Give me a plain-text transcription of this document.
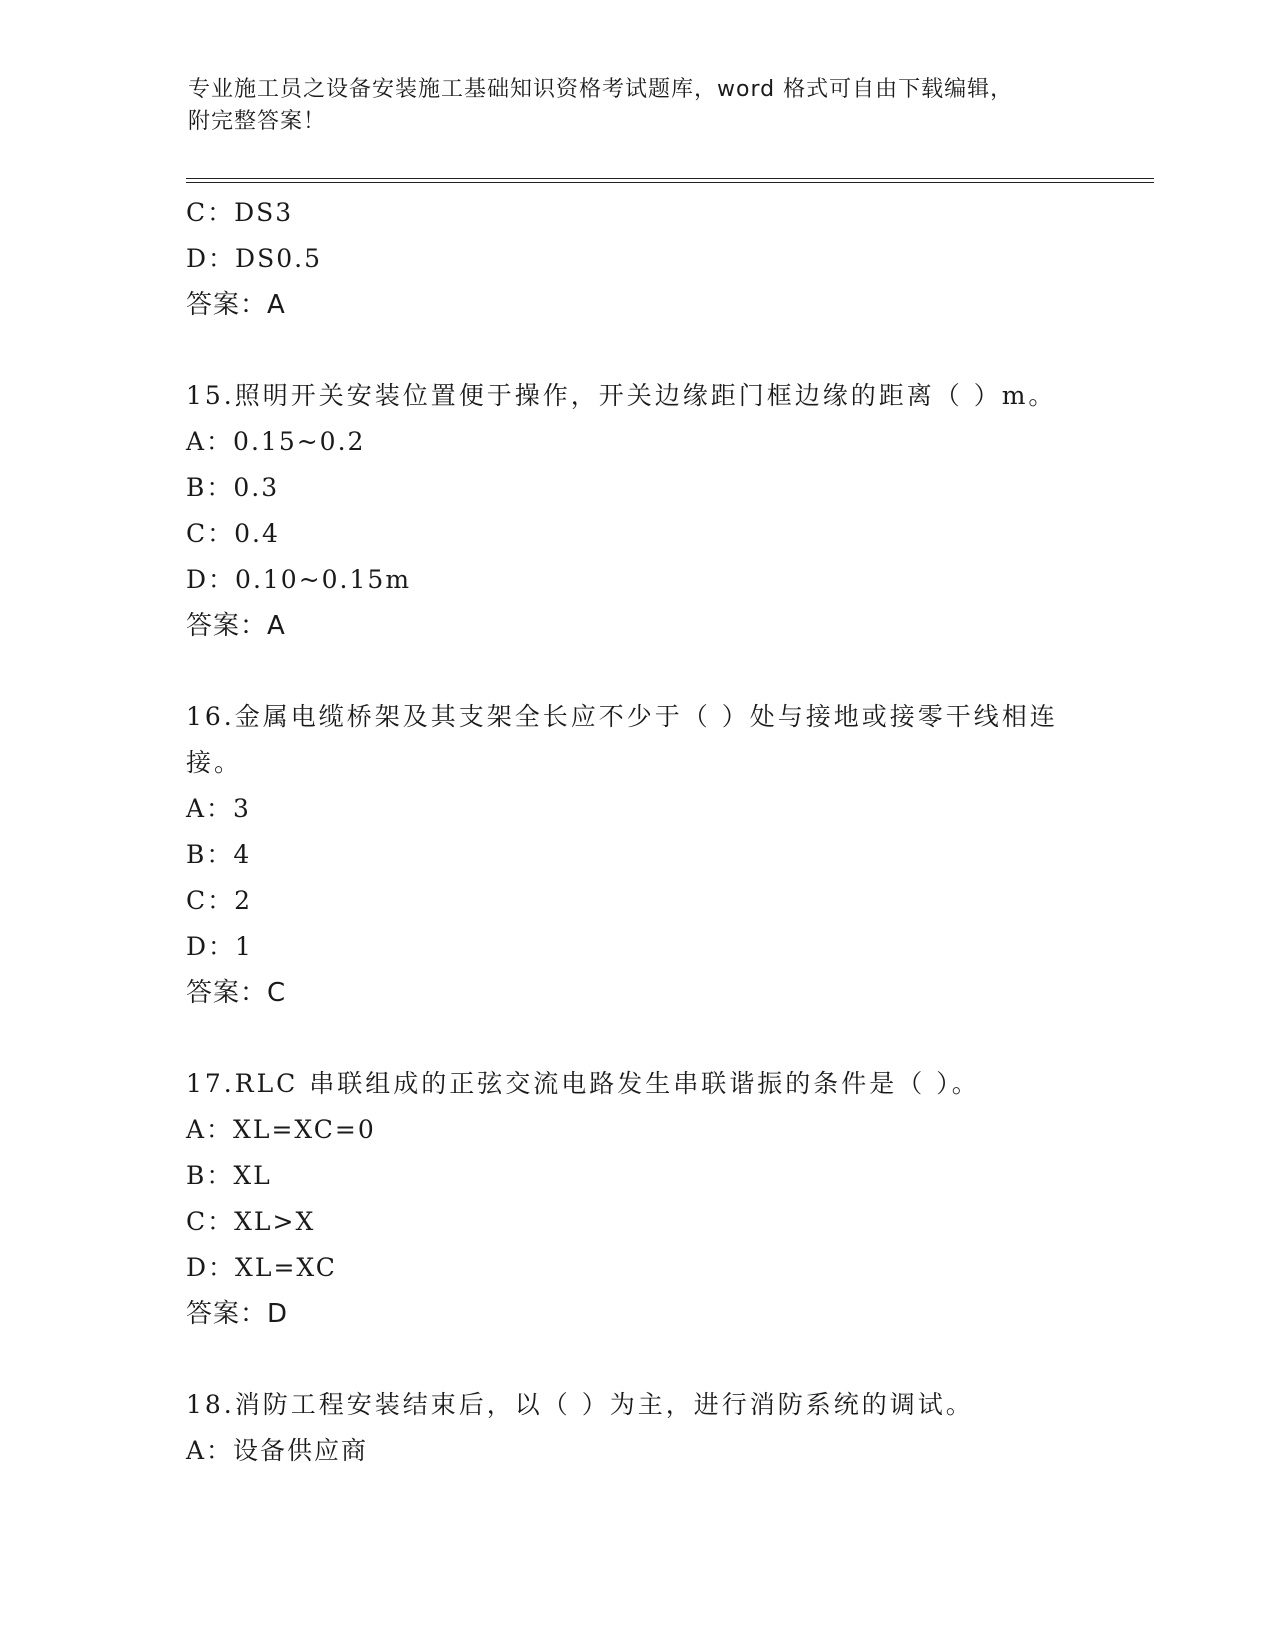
专业施工员之设备安装施工基础知识资格考试题库，word 格式可自由下载编辑，
附完整答案！
C：DS3
D：DS0.5
答案：A
15.照明开关安装位置便于操作，开关边缘距门框边缘的距离（ ）m。
A：0.15~0.2
B：0.3
C：0.4
D：0.10~0.15m
答案：A
16.金属电缆桥架及其支架全长应不少于（ ）处与接地或接零干线相连接。
A：3
B：4
C：2
D：1
答案：C
17.RLC 串联组成的正弦交流电路发生串联谐振的条件是（ ）。
A：XL=XC=0
B：XL
C：XL>X
D：XL=XC
答案：D
18.消防工程安装结束后，以（ ）为主，进行消防系统的调试。
A：设备供应商
